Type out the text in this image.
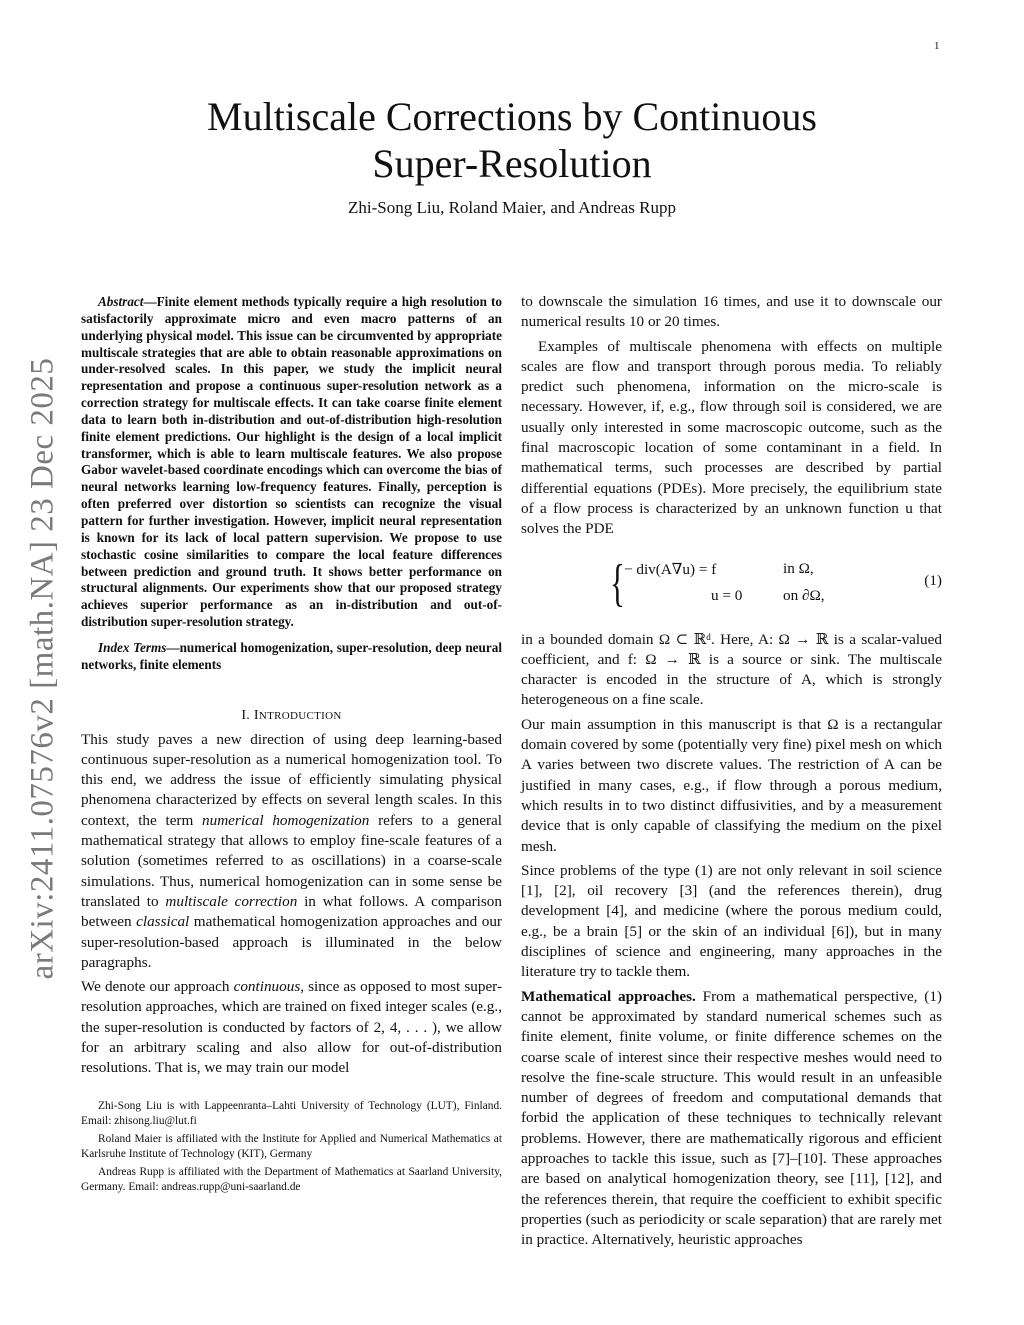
1
Multiscale Corrections by Continuous
Super-Resolution
Zhi-Song Liu, Roland Maier, and Andreas Rupp
arXiv:2411.07576v2 [math.NA] 23 Dec 2025

Abstract—Finite element methods typically require a high resolution to satisfactorily approximate micro and even macro patterns of an underlying physical model. This issue can be circumvented by appropriate multiscale strategies that are able to obtain reasonable approximations on under-resolved scales. In this paper, we study the implicit neural representation and propose a continuous super-resolution network as a correction strategy for multiscale effects. It can take coarse finite element data to learn both in-distribution and out-of-distribution high-resolution finite element predictions. Our highlight is the design of a local implicit transformer, which is able to learn multiscale features. We also propose Gabor wavelet-based coordinate encodings which can overcome the bias of neural networks learning low-frequency features. Finally, perception is often preferred over distortion so scientists can recognize the visual pattern for further investigation. However, implicit neural representation is known for its lack of local pattern supervision. We propose to use stochastic cosine similarities to compare the local feature differences between prediction and ground truth. It shows better performance on structural alignments. Our experiments show that our proposed strategy achieves superior performance as an in-distribution and out-of-distribution super-resolution strategy.

Index Terms—numerical homogenization, super-resolution, deep neural networks, finite elements

I. INTRODUCTION

This study paves a new direction of using deep learning-based continuous super-resolution as a numerical homogenization tool. To this end, we address the issue of efficiently simulating physical phenomena characterized by effects on several length scales. In this context, the term numerical homogenization refers to a general mathematical strategy that allows to employ fine-scale features of a solution (sometimes referred to as oscillations) in a coarse-scale simulations. Thus, numerical homogenization can in some sense be translated to multiscale correction in what follows. A comparison between classical mathematical homogenization approaches and our super-resolution-based approach is illuminated in the below paragraphs.

We denote our approach continuous, since as opposed to most super-resolution approaches, which are trained on fixed integer scales (e.g., the super-resolution is conducted by factors of 2, 4, . . . ), we allow for an arbitrary scaling and also allow for out-of-distribution resolutions. That is, we may train our model

Zhi-Song Liu is with Lappeenranta–Lahti University of Technology (LUT), Finland. Email: zhisong.liu@lut.fi

Roland Maier is affiliated with the Institute for Applied and Numerical Mathematics at Karlsruhe Institute of Technology (KIT), Germany

Andreas Rupp is affiliated with the Department of Mathematics at Saarland University, Germany. Email: andreas.rupp@uni-saarland.de

to downscale the simulation 16 times, and use it to downscale our numerical results 10 or 20 times.

Examples of multiscale phenomena with effects on multiple scales are flow and transport through porous media. To reliably predict such phenomena, information on the micro-scale is necessary. However, if, e.g., flow through soil is considered, we are usually only interested in some macroscopic outcome, such as the final macroscopic location of some contaminant in a field. In mathematical terms, such processes are described by partial differential equations (PDEs). More precisely, the equilibrium state of a flow process is characterized by an unknown function u that solves the PDE

{ − div(A∇u) = f	in Ω,
u = 0	on ∂Ω,
(1)

in a bounded domain Ω ⊂ ℝᵈ. Here, A: Ω → ℝ is a scalar-valued coefficient, and f: Ω → ℝ is a source or sink. The multiscale character is encoded in the structure of A, which is strongly heterogeneous on a fine scale.

Our main assumption in this manuscript is that Ω is a rectangular domain covered by some (potentially very fine) pixel mesh on which A varies between two discrete values. The restriction of A can be justified in many cases, e.g., if flow through a porous medium, which results in to two distinct diffusivities, and by a measurement device that is only capable of classifying the medium on the pixel mesh.

Since problems of the type (1) are not only relevant in soil science [1], [2], oil recovery [3] (and the references therein), drug development [4], and medicine (where the porous medium could, e.g., be a brain [5] or the skin of an individual [6]), but in many disciplines of science and engineering, many approaches in the literature try to tackle them.

Mathematical approaches. From a mathematical perspective, (1) cannot be approximated by standard numerical schemes such as finite element, finite volume, or finite difference schemes on the coarse scale of interest since their respective meshes would need to resolve the fine-scale structure. This would result in an unfeasible number of degrees of freedom and computational demands that forbid the application of these techniques to technically relevant problems. However, there are mathematically rigorous and efficient approaches to tackle this issue, such as [7]–[10]. These approaches are based on analytical homogenization theory, see [11], [12], and the references therein, that require the coefficient to exhibit specific properties (such as periodicity or scale separation) that are rarely met in practice. Alternatively, heuristic approaches
